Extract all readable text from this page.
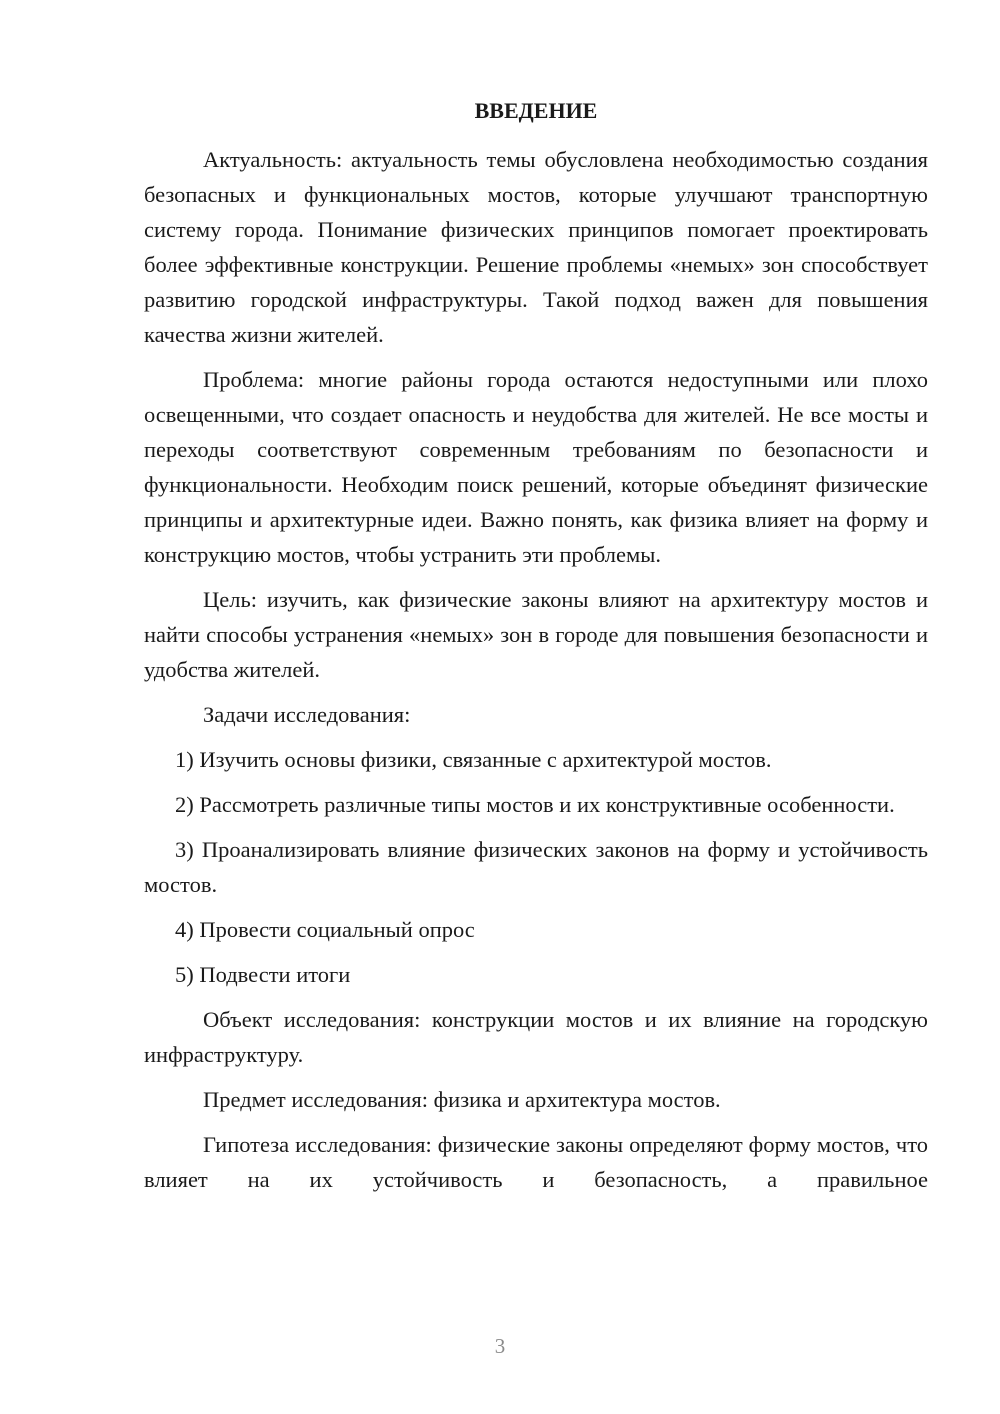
ВВЕДЕНИЕ

Актуальность: актуальность темы обусловлена необходимостью создания безопасных и функциональных мостов, которые улучшают транспортную систему города. Понимание физических принципов помогает проектировать более эффективные конструкции. Решение проблемы «немых» зон способствует развитию городской инфраструктуры. Такой подход важен для повышения качества жизни жителей.

Проблема: многие районы города остаются недоступными или плохо освещенными, что создает опасность и неудобства для жителей. Не все мосты и переходы соответствуют современным требованиям по безопасности и функциональности. Необходим поиск решений, которые объединят физические принципы и архитектурные идеи. Важно понять, как физика влияет на форму и конструкцию мостов, чтобы устранить эти проблемы.

Цель: изучить, как физические законы влияют на архитектуру мостов и найти способы устранения «немых» зон в городе для повышения безопасности и удобства жителей.

Задачи исследования:

1) Изучить основы физики, связанные с архитектурой мостов.

2) Рассмотреть различные типы мостов и их конструктивные особенности.

3) Проанализировать влияние физических законов на форму и устойчивость мостов.

4) Провести социальный опрос

5) Подвести итоги

Объект исследования: конструкции мостов и их влияние на городскую инфраструктуру.

Предмет исследования: физика и архитектура мостов.

Гипотеза исследования: физические законы определяют форму мостов, что влияет на их устойчивость и безопасность, а правильное

3
